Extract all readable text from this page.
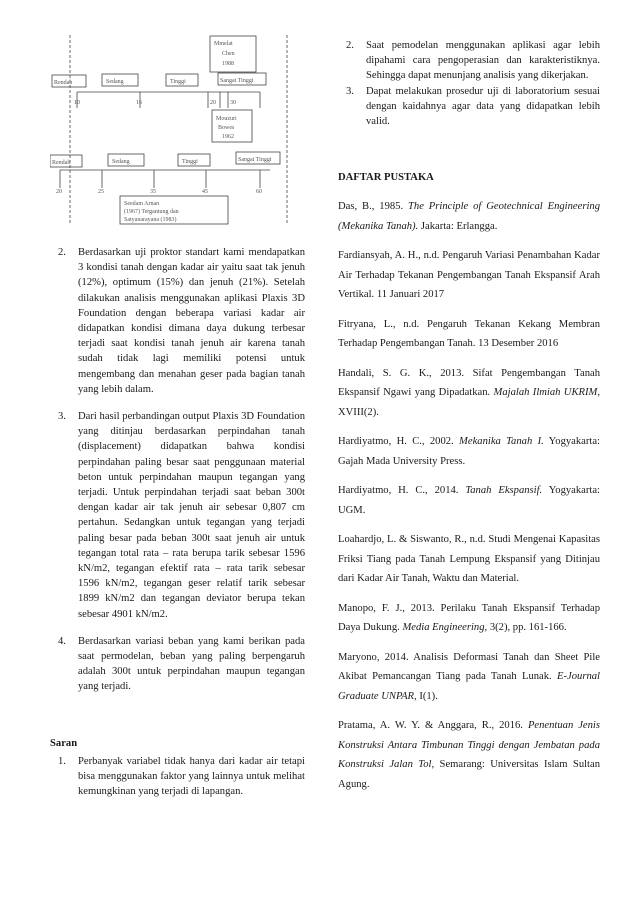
Mmelat
Chen
1988
Rendah	Sedang	Tinggi	Sangat Tinggi
10	16	20 30
Mouzuri
Bowes
1962
Rendah	Sedang	Tinggi	Sangat Tinggi
20	25	35	45	60
Seedam Arnan
(1967) Tergantung dan
Satyanarayana (1983)
2. Berdasarkan uji proktor standart kami mendapatkan 3 kondisi tanah dengan kadar air yaitu saat tak jenuh (12%), optimum (15%) dan jenuh (21%). Setelah dilakukan analisis menggunakan aplikasi Plaxis 3D Foundation dengan beberapa variasi kadar air didapatkan kondisi dimana daya dukung terbesar terjadi saat kondisi tanah jenuh air karena tanah sudah tidak lagi memiliki potensi untuk mengembang dan menahan geser pada bagian tanah yang lebih dalam.
3. Dari hasil perbandingan output Plaxis 3D Foundation yang ditinjau berdasarkan perpindahan tanah (displacement) didapatkan bahwa kondisi perpindahan paling besar saat penggunaan material beton untuk perpindahan maupun tegangan yang terjadi. Untuk perpindahan terjadi saat beban 300t dengan kadar air tak jenuh air sebesar 0,807 cm pertahun. Sedangkan untuk tegangan yang terjadi paling besar pada beban 300t saat jenuh air untuk tegangan total rata – rata berupa tarik sebesar 1596 kN/m2, tegangan efektif rata – rata tarik sebesar 1596 kN/m2, tegangan geser relatif tarik sebesar 1899 kN/m2 dan tegangan deviator berupa tekan sebesar 4901 kN/m2.
4. Berdasarkan variasi beban yang kami berikan pada saat permodelan, beban yang paling berpengaruh adalah 300t untuk perpindahan maupun tegangan yang terjadi.
Saran
1. Perbanyak variabel tidak hanya dari kadar air tetapi bisa menggunakan faktor yang lainnya untuk melihat kemungkinan yang terjadi di lapangan.
2. Saat pemodelan menggunakan aplikasi agar lebih dipahami cara pengoperasian dan karakteristiknya. Sehingga dapat menunjang analisis yang dikerjakan.
3. Dapat melakukan prosedur uji di laboratorium sesuai dengan kaidahnya agar data yang didapatkan lebih valid.
DAFTAR PUSTAKA
Das, B., 1985. The Principle of Geotechnical Engineering (Mekanika Tanah). Jakarta: Erlangga.
Fardiansyah, A. H., n.d. Pengaruh Variasi Penambahan Kadar Air Terhadap Tekanan Pengembangan Tanah Ekspansif Arah Vertikal. 11 Januari 2017
Fitryana, L., n.d. Pengaruh Tekanan Kekang Membran Terhadap Pengembangan Tanah. 13 Desember 2016
Handali, S. G. K., 2013. Sifat Pengembangan Tanah Ekspansif Ngawi yang Dipadatkan. Majalah Ilmiah UKRIM, XVIII(2).
Hardiyatmo, H. C., 2002. Mekanika Tanah I. Yogyakarta: Gajah Mada University Press.
Hardiyatmo, H. C., 2014. Tanah Ekspansif. Yogyakarta: UGM.
Loahardjo, L. & Siswanto, R., n.d. Studi Mengenai Kapasitas Friksi Tiang pada Tanah Lempung Ekspansif yang Ditinjau dari Kadar Air Tanah, Waktu dan Material.
Manopo, F. J., 2013. Perilaku Tanah Ekspansif Terhadap Daya Dukung. Media Engineering, 3(2), pp. 161-166.
Maryono, 2014. Analisis Deformasi Tanah dan Sheet Pile Akibat Pemancangan Tiang pada Tanah Lunak. E-Journal Graduate UNPAR, I(1).
Pratama, A. W. Y. & Anggara, R., 2016. Penentuan Jenis Konstruksi Antara Timbunan Tinggi dengan Jembatan pada Konstruksi Jalan Tol, Semarang: Universitas Islam Sultan Agung.
